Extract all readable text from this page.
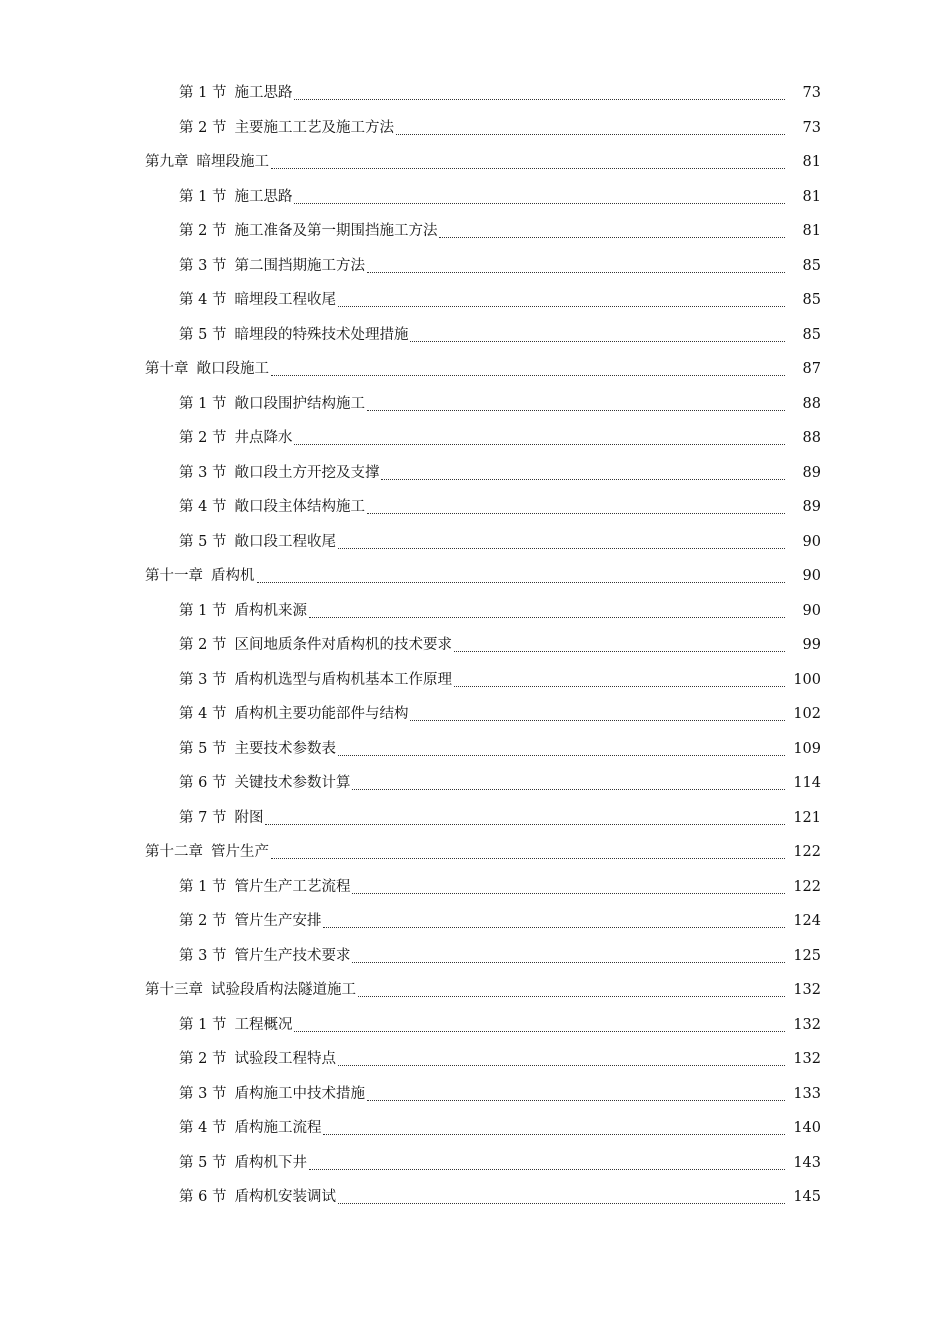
第 1 节 施工思路	73
第 2 节 主要施工工艺及施工方法	73
第九章 暗埋段施工	81
第 1 节 施工思路	81
第 2 节 施工准备及第一期围挡施工方法	81
第 3 节 第二围挡期施工方法	85
第 4 节 暗埋段工程收尾	85
第 5 节 暗埋段的特殊技术处理措施	85
第十章 敞口段施工	87
第 1 节 敞口段围护结构施工	88
第 2 节 井点降水	88
第 3 节 敞口段土方开挖及支撑	89
第 4 节 敞口段主体结构施工	89
第 5 节 敞口段工程收尾	90
第十一章 盾构机	90
第 1 节 盾构机来源	90
第 2 节 区间地质条件对盾构机的技术要求	99
第 3 节 盾构机选型与盾构机基本工作原理	100
第 4 节 盾构机主要功能部件与结构	102
第 5 节 主要技术参数表	109
第 6 节 关键技术参数计算	114
第 7 节 附图	121
第十二章 管片生产	122
第 1 节 管片生产工艺流程	122
第 2 节 管片生产安排	124
第 3 节 管片生产技术要求	125
第十三章 试验段盾构法隧道施工	132
第 1 节 工程概况	132
第 2 节 试验段工程特点	132
第 3 节 盾构施工中技术措施	133
第 4 节 盾构施工流程	140
第 5 节 盾构机下井	143
第 6 节 盾构机安装调试	145
